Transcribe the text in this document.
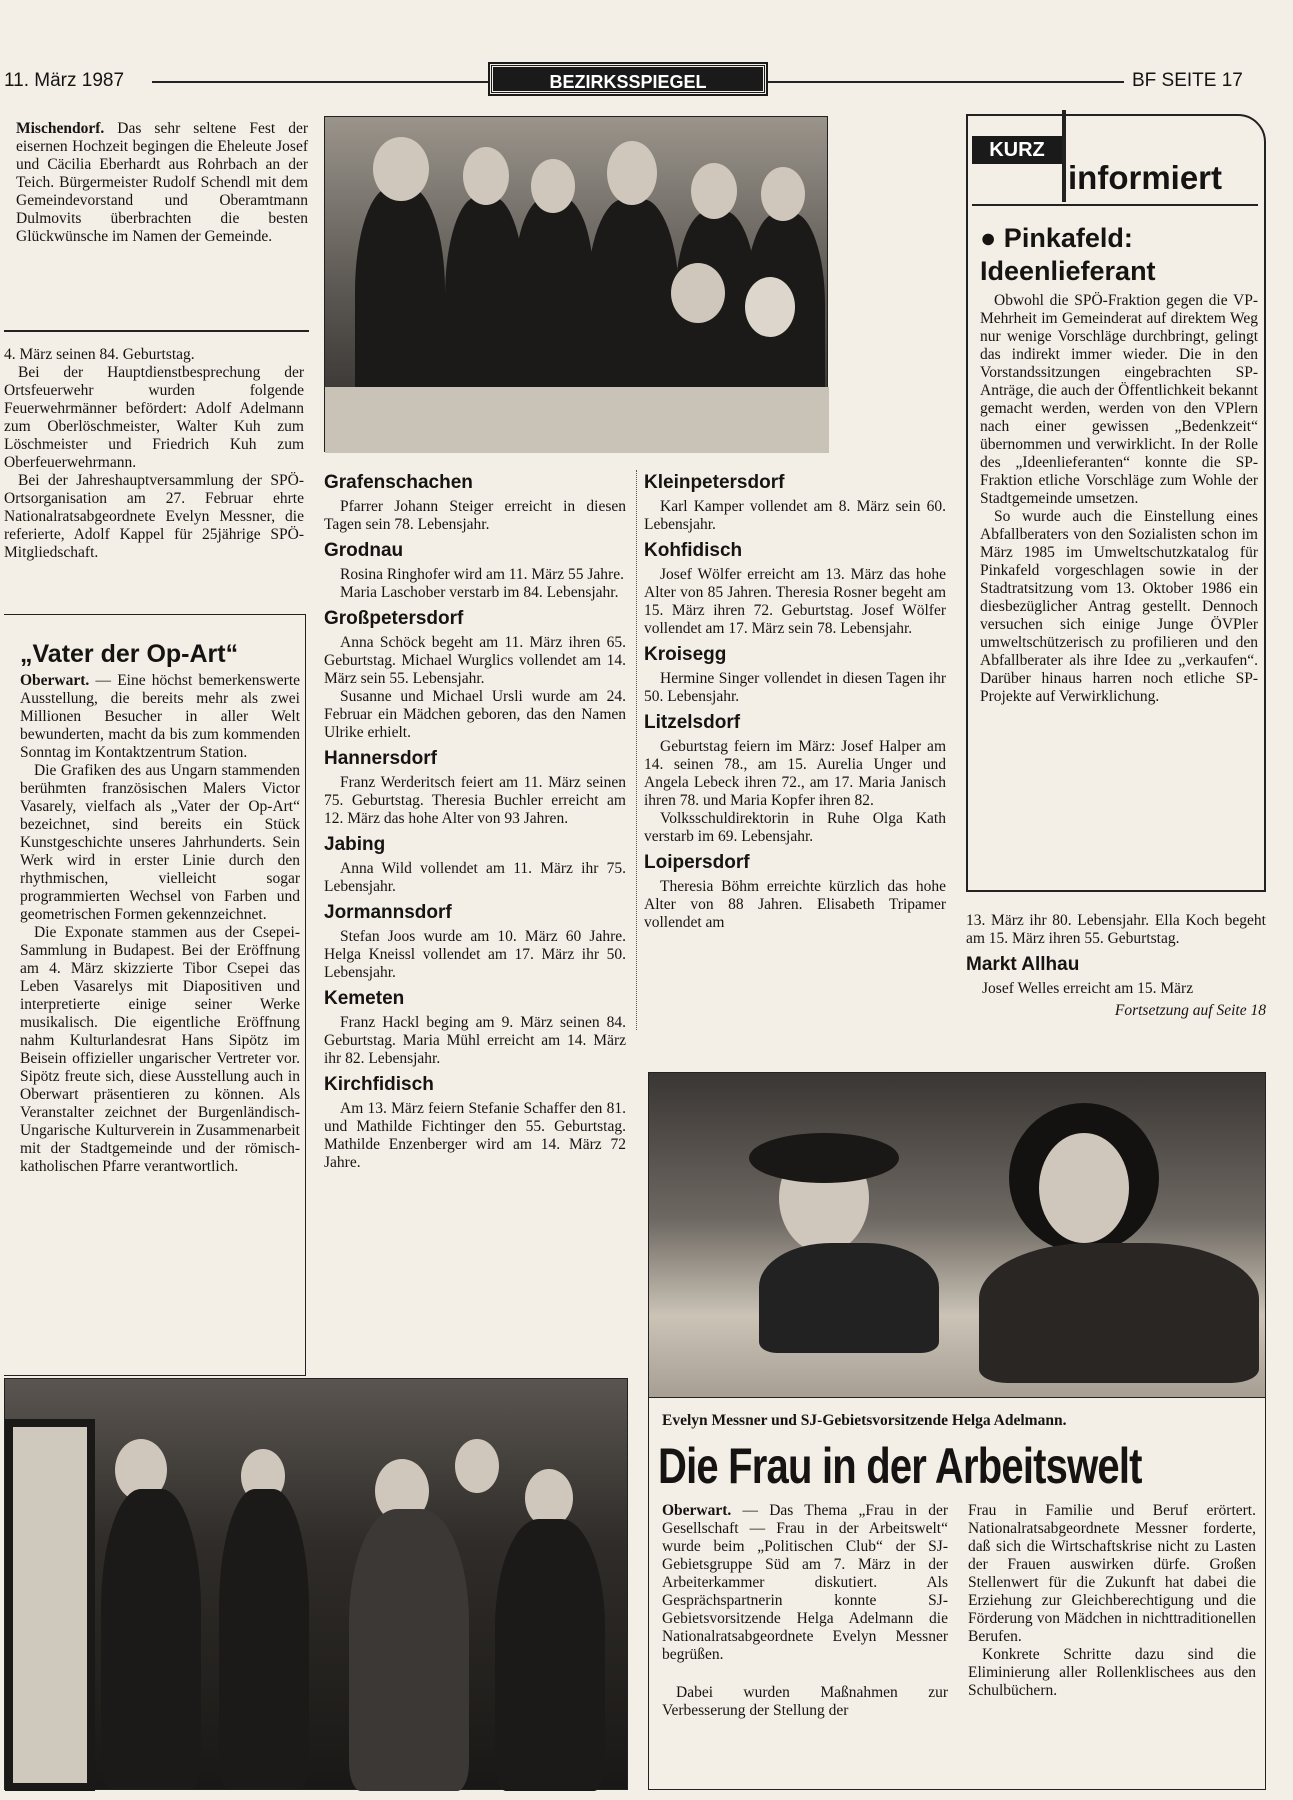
11. März 1987	BEZIRKSSPIEGEL	BF SEITE 17

Mischendorf. Das sehr seltene Fest der eisernen Hochzeit begingen die Eheleute Josef und Cäcilia Eberhardt aus Rohrbach an der Teich. Bürgermeister Rudolf Schendl mit dem Gemeindevorstand und Oberamtmann Dulmovits überbrachten die besten Glückwünsche im Namen der Gemeinde.

4. März seinen 84. Geburtstag.

Bei der Hauptdienstbesprechung der Ortsfeuerwehr wurden folgende Feuerwehrmänner befördert: Adolf Adelmann zum Oberlöschmeister, Walter Kuh zum Löschmeister und Friedrich Kuh zum Oberfeuerwehrmann.

Bei der Jahreshauptversammlung der SPÖ-Ortsorganisation am 27. Februar ehrte Nationalratsabgeordnete Evelyn Messner, die referierte, Adolf Kappel für 25jährige SPÖ-Mitgliedschaft.

„Vater der Op-Art“

Oberwart. — Eine höchst bemerkenswerte Ausstellung, die bereits mehr als zwei Millionen Besucher in aller Welt bewunderten, macht da bis zum kommenden Sonntag im Kontaktzentrum Station.

Die Grafiken des aus Ungarn stammenden berühmten französischen Malers Victor Vasarely, vielfach als „Vater der Op-Art“ bezeichnet, sind bereits ein Stück Kunstgeschichte unseres Jahrhunderts. Sein Werk wird in erster Linie durch den rhythmischen, vielleicht sogar programmierten Wechsel von Farben und geometrischen Formen gekennzeichnet.

Die Exponate stammen aus der Csepei-Sammlung in Budapest. Bei der Eröffnung am 4. März skizzierte Tibor Csepei das Leben Vasarelys mit Diapositiven und interpretierte einige seiner Werke musikalisch. Die eigentliche Eröffnung nahm Kulturlandesrat Hans Sipötz im Beisein offizieller ungarischer Vertreter vor. Sipötz freute sich, diese Ausstellung auch in Oberwart präsentieren zu können. Als Veranstalter zeichnet der Burgenländisch-Ungarische Kulturverein in Zusammenarbeit mit der Stadtgemeinde und der römisch-katholischen Pfarre verantwortlich.

Grafenschachen

Pfarrer Johann Steiger erreicht in diesen Tagen sein 78. Lebensjahr.

Grodnau

Rosina Ringhofer wird am 11. März 55 Jahre.

Maria Laschober verstarb im 84. Lebensjahr.

Großpetersdorf

Anna Schöck begeht am 11. März ihren 65. Geburtstag. Michael Wurglics vollendet am 14. März sein 55. Lebensjahr.

Susanne und Michael Ursli wurde am 24. Februar ein Mädchen geboren, das den Namen Ulrike erhielt.

Hannersdorf

Franz Werderitsch feiert am 11. März seinen 75. Geburtstag. Theresia Buchler erreicht am 12. März das hohe Alter von 93 Jahren.

Jabing

Anna Wild vollendet am 11. März ihr 75. Lebensjahr.

Jormannsdorf

Stefan Joos wurde am 10. März 60 Jahre. Helga Kneissl vollendet am 17. März ihr 50. Lebensjahr.

Kemeten

Franz Hackl beging am 9. März seinen 84. Geburtstag. Maria Mühl erreicht am 14. März ihr 82. Lebensjahr.

Kirchfidisch

Am 13. März feiern Stefanie Schaffer den 81. und Mathilde Fichtinger den 55. Geburtstag. Mathilde Enzenberger wird am 14. März 72 Jahre.

Kleinpetersdorf

Karl Kamper vollendet am 8. März sein 60. Lebensjahr.

Kohfidisch

Josef Wölfer erreicht am 13. März das hohe Alter von 85 Jahren. Theresia Rosner begeht am 15. März ihren 72. Geburtstag. Josef Wölfer vollendet am 17. März sein 78. Lebensjahr.

Kroisegg

Hermine Singer vollendet in diesen Tagen ihr 50. Lebensjahr.

Litzelsdorf

Geburtstag feiern im März: Josef Halper am 14. seinen 78., am 15. Aurelia Unger und Angela Lebeck ihren 72., am 17. Maria Janisch ihren 78. und Maria Kopfer ihren 82.

Volksschuldirektorin in Ruhe Olga Kath verstarb im 69. Lebensjahr.

Loipersdorf

Theresia Böhm erreichte kürzlich das hohe Alter von 88 Jahren. Elisabeth Tripamer vollendet am

KURZ
informiert
● Pinkafeld:
Ideenlieferant

Obwohl die SPÖ-Fraktion gegen die VP-Mehrheit im Gemeinderat auf direktem Weg nur wenige Vorschläge durchbringt, gelingt das indirekt immer wieder. Die in den Vorstandssitzungen eingebrachten SP-Anträge, die auch der Öffentlichkeit bekannt gemacht werden, werden von den VPlern nach einer gewissen „Bedenkzeit“ übernommen und verwirklicht. In der Rolle des „Ideenlieferanten“ konnte die SP-Fraktion etliche Vorschläge zum Wohle der Stadtgemeinde umsetzen.

So wurde auch die Einstellung eines Abfallberaters von den Sozialisten schon im März 1985 im Umweltschutzkatalog für Pinkafeld vorgeschlagen sowie in der Stadtratsitzung vom 13. Oktober 1986 ein diesbezüglicher Antrag gestellt. Dennoch versuchen sich einige Junge ÖVPler umweltschützerisch zu profilieren und den Abfallberater als ihre Idee zu „verkaufen“. Darüber hinaus harren noch etliche SP-Projekte auf Verwirklichung.

13. März ihr 80. Lebensjahr. Ella Koch begeht am 15. März ihren 55. Geburtstag.

Markt Allhau

Josef Welles erreicht am 15. März

Fortsetzung auf Seite 18
Evelyn Messner und SJ-Gebietsvorsitzende Helga Adelmann.
Die Frau in der Arbeitswelt

Oberwart. — Das Thema „Frau in der Gesellschaft — Frau in der Arbeitswelt“ wurde beim „Politischen Club“ der SJ-Gebietsgruppe Süd am 7. März in der Arbeiterkammer diskutiert. Als Gesprächspartnerin konnte SJ-Gebietsvorsitzende Helga Adelmann die Nationalratsabgeordnete Evelyn Messner begrüßen.

Dabei wurden Maßnahmen zur Verbesserung der Stellung der

Frau in Familie und Beruf erörtert. Nationalratsabgeordnete Messner forderte, daß sich die Wirtschaftskrise nicht zu Lasten der Frauen auswirken dürfe. Großen Stellenwert für die Zukunft hat dabei die Erziehung zur Gleichberechtigung und die Förderung von Mädchen in nichttraditionellen Berufen.

Konkrete Schritte dazu sind die Eliminierung aller Rollenklischees aus den Schulbüchern.
